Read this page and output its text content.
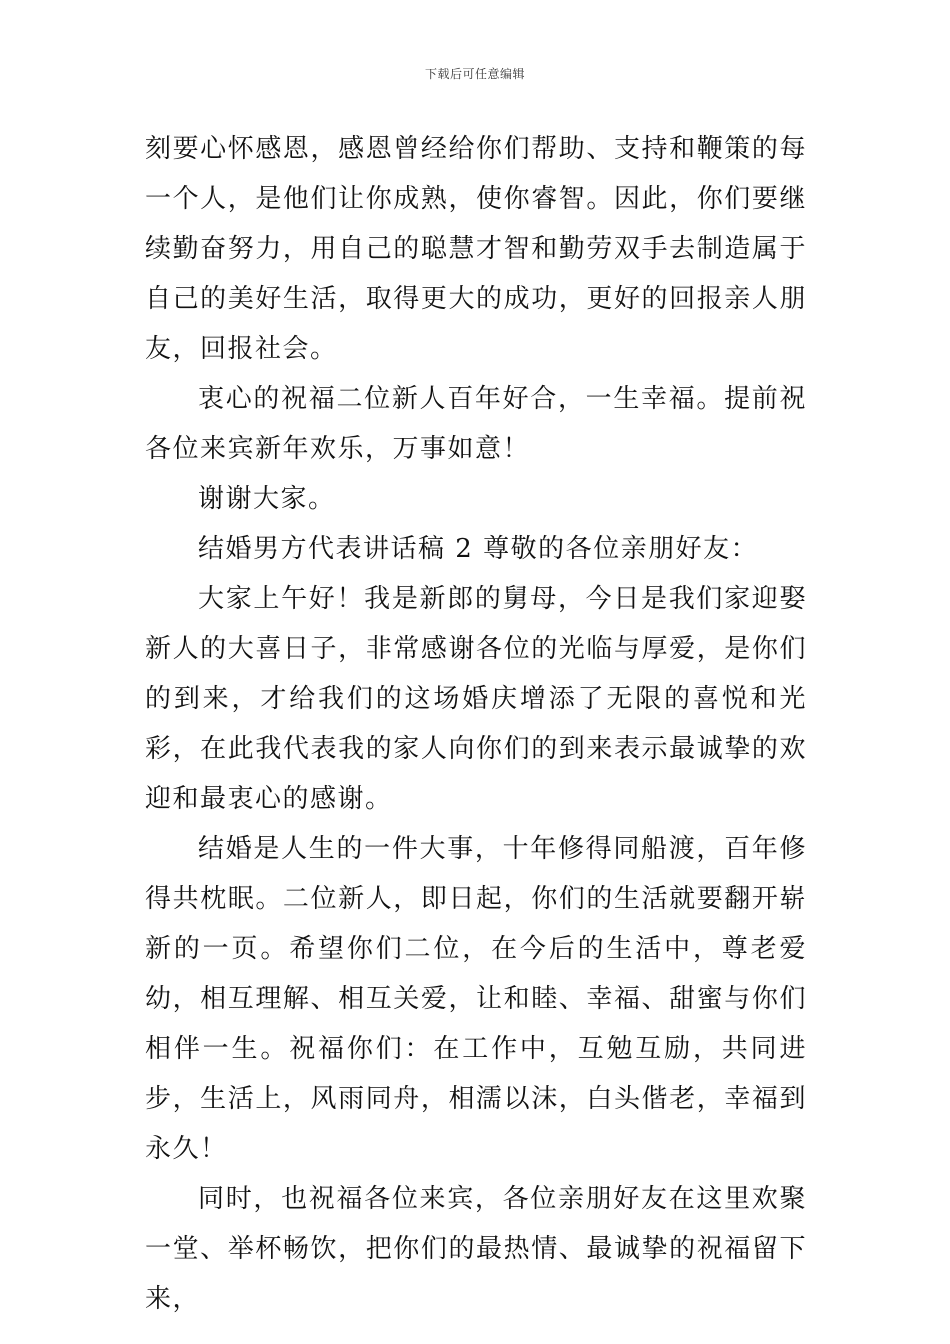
下载后可任意编辑

刻要心怀感恩，感恩曾经给你们帮助、支持和鞭策的每一个人，是他们让你成熟，使你睿智。因此，你们要继续勤奋努力，用自己的聪慧才智和勤劳双手去制造属于自己的美好生活，取得更大的成功，更好的回报亲人朋友，回报社会。

衷心的祝福二位新人百年好合，一生幸福。提前祝各位来宾新年欢乐，万事如意！

谢谢大家。

结婚男方代表讲话稿 2 尊敬的各位亲朋好友：

大家上午好！我是新郎的舅母，今日是我们家迎娶新人的大喜日子，非常感谢各位的光临与厚爱，是你们的到来，才给我们的这场婚庆增添了无限的喜悦和光彩，在此我代表我的家人向你们的到来表示最诚挚的欢迎和最衷心的感谢。

结婚是人生的一件大事，十年修得同船渡，百年修得共枕眠。二位新人，即日起，你们的生活就要翻开崭新的一页。希望你们二位，在今后的生活中，尊老爱幼，相互理解、相互关爱，让和睦、幸福、甜蜜与你们相伴一生。祝福你们：在工作中，互勉互励，共同进步，生活上，风雨同舟，相濡以沫，白头偕老，幸福到永久！

同时，也祝福各位来宾，各位亲朋好友在这里欢聚一堂、举杯畅饮，把你们的最热情、最诚挚的祝福留下来，
